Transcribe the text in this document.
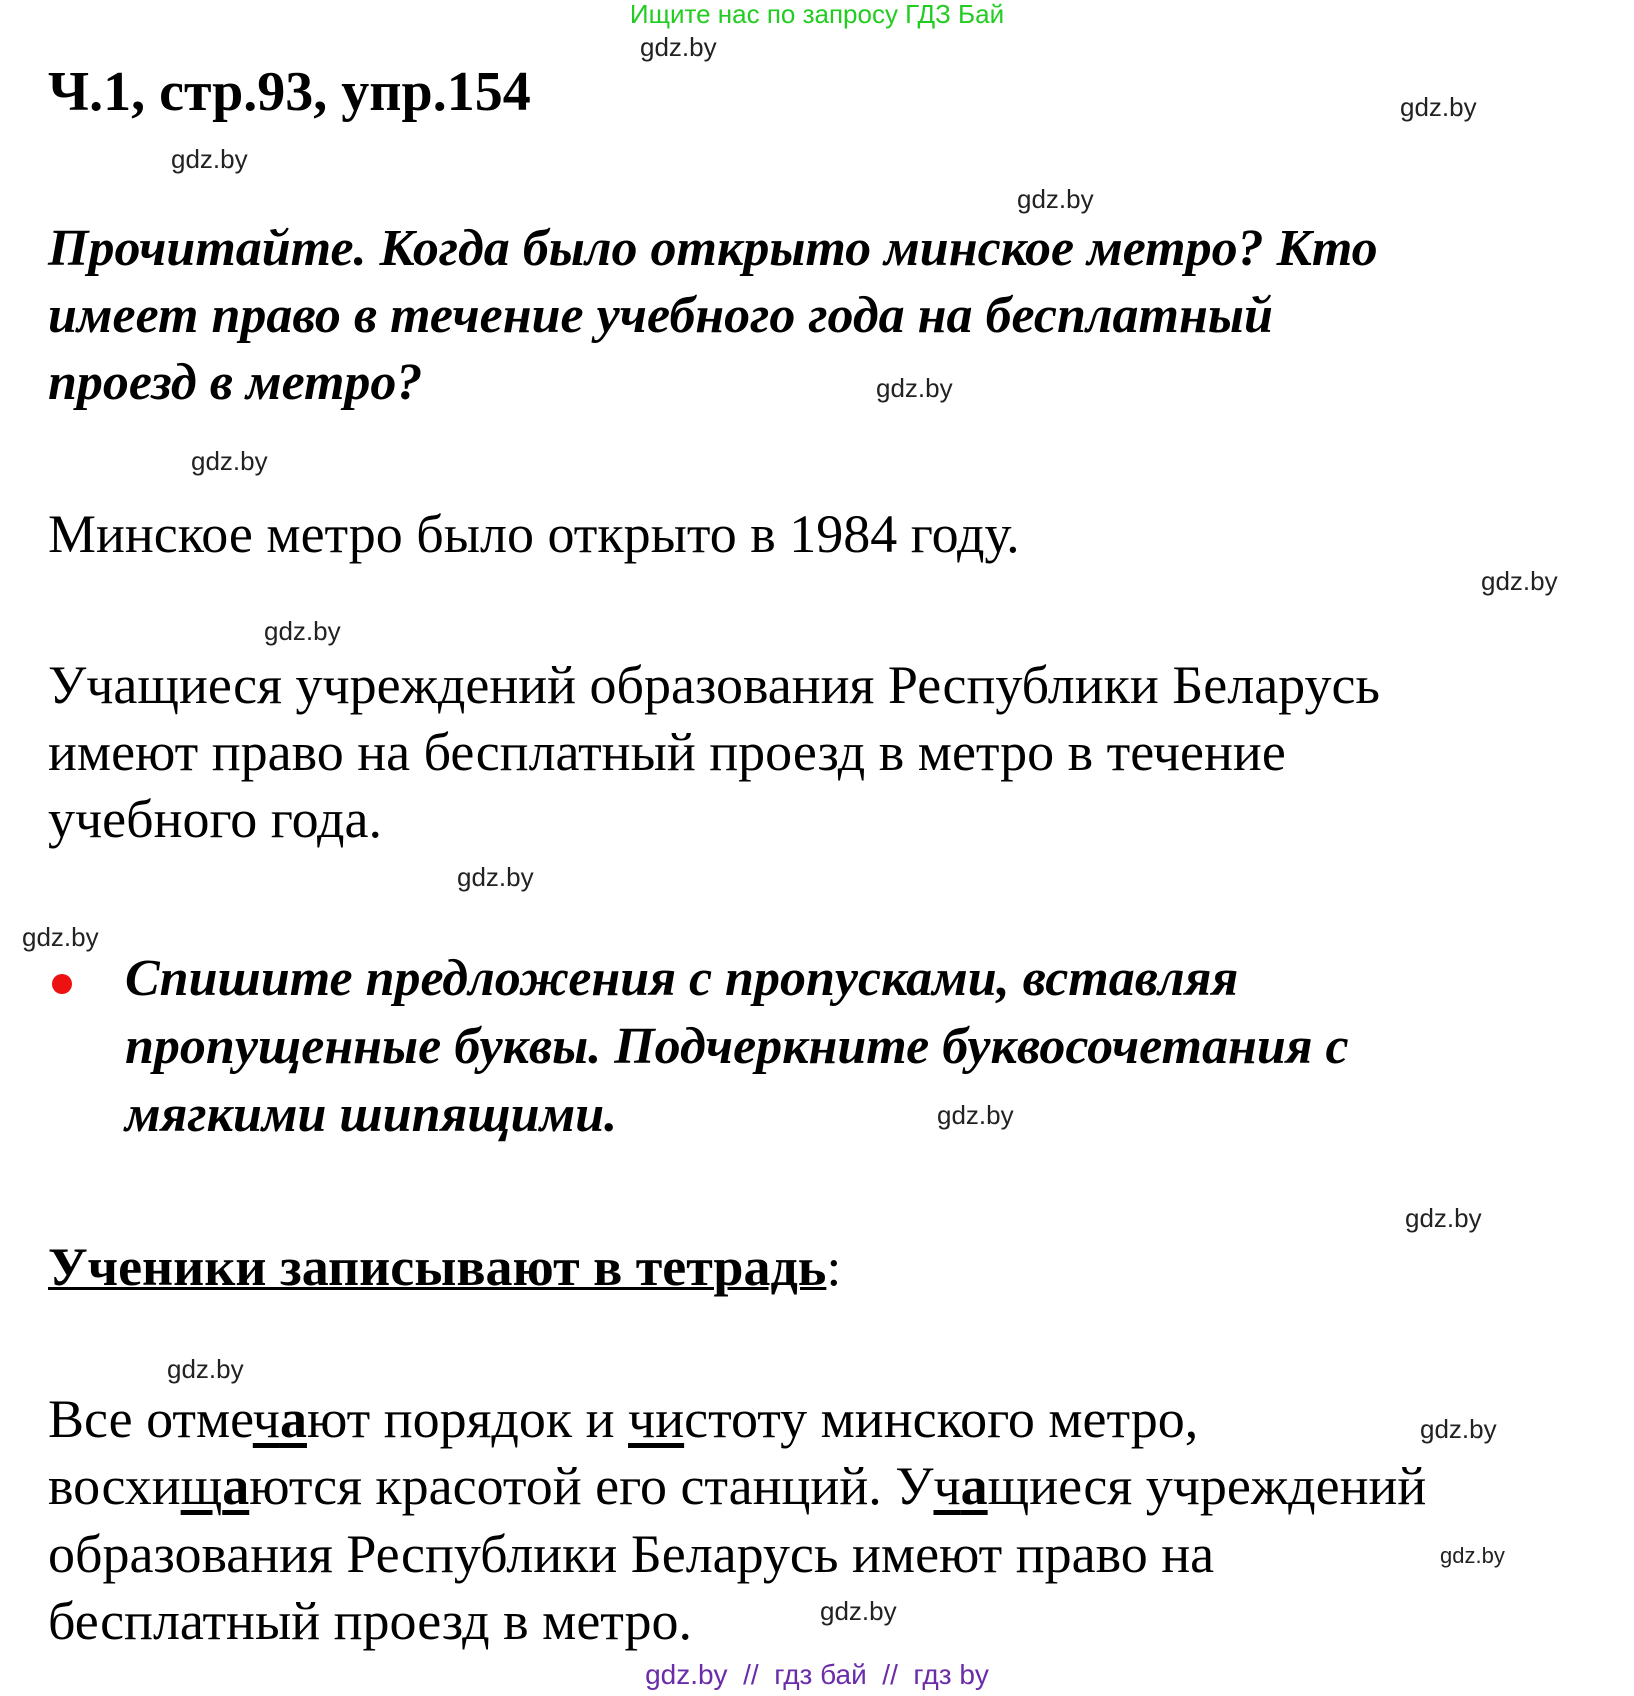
Ищите нас по запросу ГДЗ Бай
Ч.1, стр.93, упр.154
gdz.by
gdz.by
gdz.by
gdz.by
gdz.by
gdz.by
gdz.by
gdz.by
gdz.by
gdz.by
gdz.by
gdz.by
gdz.by
gdz.by
gdz.by
gdz.by
Прочитайте. Когда было открыто минское метро? Кто
имеет право в течение учебного года на бесплатный
проезд в метро?
Минское метро было открыто в 1984 году.
Учащиеся учреждений образования Республики Беларусь
имеют право на бесплатный проезд в метро в течение
учебного года.
Спишите предложения с пропусками, вставляя
пропущенные буквы. Подчеркните буквосочетания с
мягкими шипящими.
Ученики записывают в тетрадь:
Все отмечают порядок и чистоту минского метро,
восхищаются красотой его станций. Учащиеся учреждений
образования Республики Беларусь имеют право на
бесплатный проезд в метро.
gdz.by  //  гдз бай  //  гдз by
